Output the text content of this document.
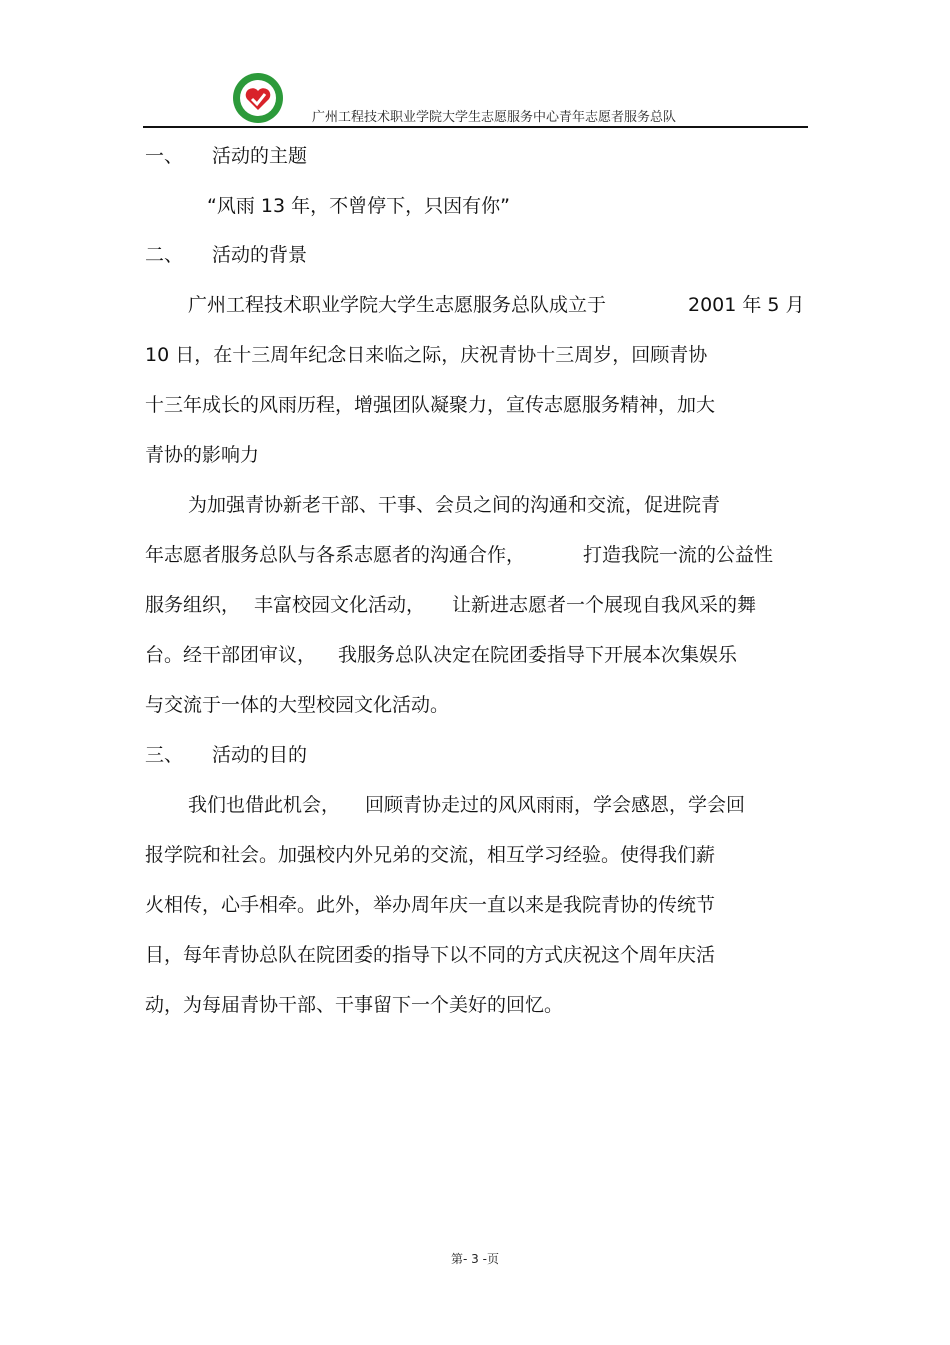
广州工程技术职业学院大学生志愿服务中心青年志愿者服务总队
一、 活动的主题
“风雨 13 年，不曾停下，只因有你”
二、 活动的背景
广州工程技术职业学院大学生志愿服务总队成立于	2001 年 5 月
10 日，在十三周年纪念日来临之际，庆祝青协十三周岁，回顾青协
十三年成长的风雨历程，增强团队凝聚力，宣传志愿服务精神，加大
青协的影响力
为加强青协新老干部、干事、会员之间的沟通和交流，促进院青
年志愿者服务总队与各系志愿者的沟通合作，	打造我院一流的公益性
服务组织， 丰富校园文化活动， 让新进志愿者一个展现自我风采的舞
台。经干部团审议， 我服务总队决定在院团委指导下开展本次集娱乐
与交流于一体的大型校园文化活动。
三、 活动的目的
我们也借此机会， 回顾青协走过的风风雨雨，学会感恩，学会回
报学院和社会。加强校内外兄弟的交流，相互学习经验。使得我们薪
火相传，心手相牵。此外，举办周年庆一直以来是我院青协的传统节
目，每年青协总队在院团委的指导下以不同的方式庆祝这个周年庆活
动，为每届青协干部、干事留下一个美好的回忆。
第- 3 -页
